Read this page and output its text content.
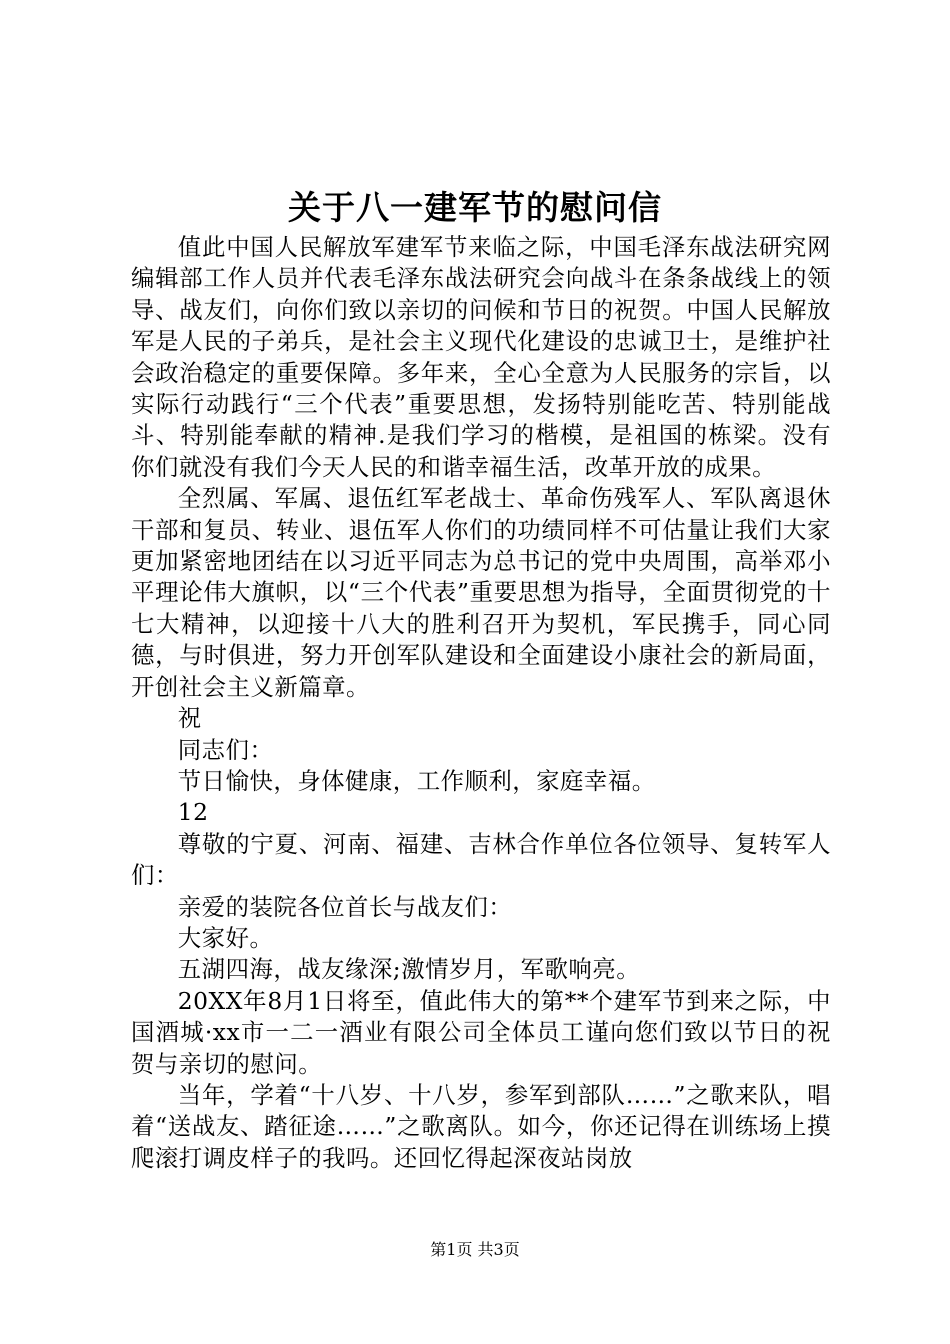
关于八一建军节的慰问信

值此中国人民解放军建军节来临之际，中国毛泽东战法研究网编辑部工作人员并代表毛泽东战法研究会向战斗在条条战线上的领导、战友们，向你们致以亲切的问候和节日的祝贺。中国人民解放军是人民的子弟兵，是社会主义现代化建设的忠诚卫士，是维护社会政治稳定的重要保障。多年来，全心全意为人民服务的宗旨，以实际行动践行“三个代表”重要思想，发扬特别能吃苦、特别能战斗、特别能奉献的精神.是我们学习的楷模，是祖国的栋梁。没有你们就没有我们今天人民的和谐幸福生活，改革开放的成果。

全烈属、军属、退伍红军老战士、革命伤残军人、军队离退休干部和复员、转业、退伍军人你们的功绩同样不可估量让我们大家更加紧密地团结在以习近平同志为总书记的党中央周围，高举邓小平理论伟大旗帜，以“三个代表”重要思想为指导，全面贯彻党的十七大精神，以迎接十八大的胜利召开为契机，军民携手，同心同德，与时俱进，努力开创军队建设和全面建设小康社会的新局面，开创社会主义新篇章。

祝

同志们：

节日愉快，身体健康，工作顺利，家庭幸福。

12

尊敬的宁夏、河南、福建、吉林合作单位各位领导、复转军人们：

亲爱的装院各位首长与战友们：

大家好。

五湖四海，战友缘深;激情岁月，军歌响亮。

20XX年8月1日将至，值此伟大的第**个建军节到来之际，中国酒城·xx市一二一酒业有限公司全体员工谨向您们致以节日的祝贺与亲切的慰问。

当年，学着“十八岁、十八岁，参军到部队……”之歌来队，唱着“送战友、踏征途……”之歌离队。如今，你还记得在训练场上摸爬滚打调皮样子的我吗。还回忆得起深夜站岗放

第1页 共3页
